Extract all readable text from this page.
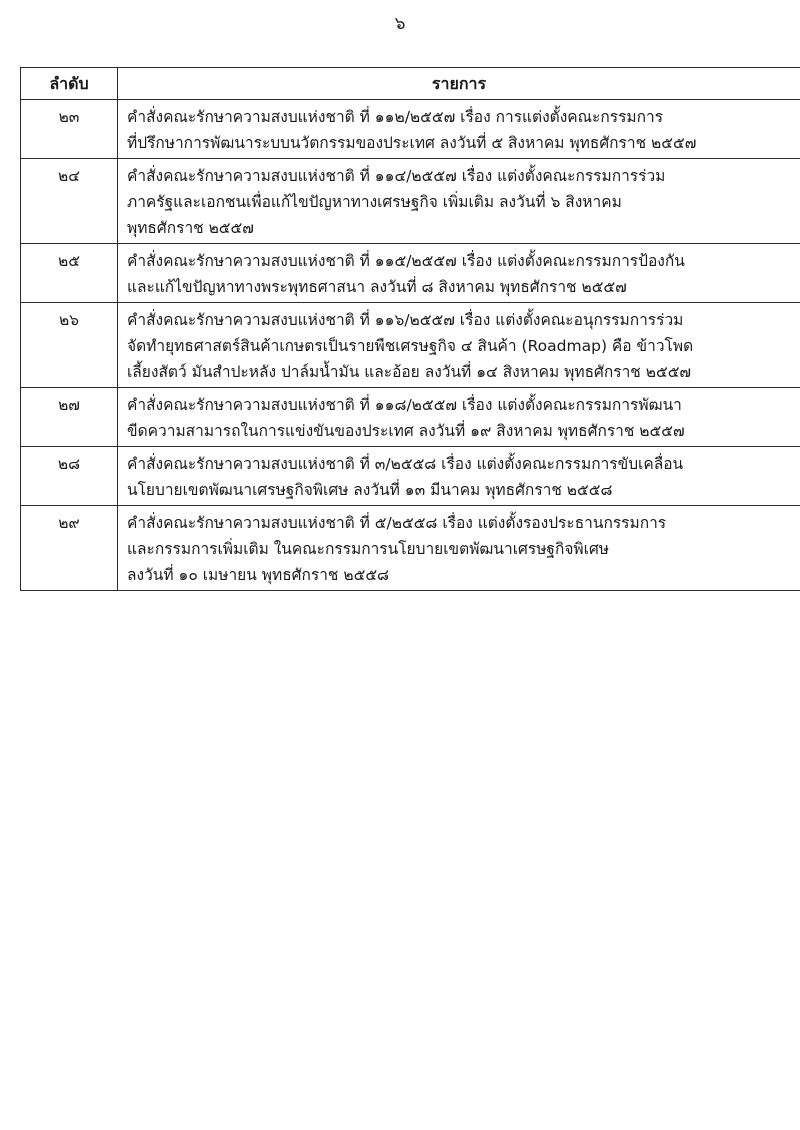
๖
ลำดับ	รายการ
๒๓	คำสั่งคณะรักษาความสงบแห่งชาติ ที่ ๑๑๒/๒๕๕๗ เรื่อง การแต่งตั้งคณะกรรมการ
ที่ปรึกษาการพัฒนาระบบนวัตกรรมของประเทศ ลงวันที่ ๕ สิงหาคม พุทธศักราช ๒๕๕๗

๒๔	คำสั่งคณะรักษาความสงบแห่งชาติ ที่ ๑๑๔/๒๕๕๗ เรื่อง แต่งตั้งคณะกรรมการร่วม
ภาครัฐและเอกชนเพื่อแก้ไขปัญหาทางเศรษฐกิจ เพิ่มเติม ลงวันที่ ๖ สิงหาคม
พุทธศักราช ๒๕๕๗

๒๕	คำสั่งคณะรักษาความสงบแห่งชาติ ที่ ๑๑๕/๒๕๕๗ เรื่อง แต่งตั้งคณะกรรมการป้องกัน
และแก้ไขปัญหาทางพระพุทธศาสนา ลงวันที่ ๘ สิงหาคม พุทธศักราช ๒๕๕๗

๒๖	คำสั่งคณะรักษาความสงบแห่งชาติ ที่ ๑๑๖/๒๕๕๗ เรื่อง แต่งตั้งคณะอนุกรรมการร่วม
จัดทำยุทธศาสตร์สินค้าเกษตรเป็นรายพืชเศรษฐกิจ ๔ สินค้า (Roadmap) คือ ข้าวโพด
เลี้ยงสัตว์ มันสำปะหลัง ปาล์มน้ำมัน และอ้อย ลงวันที่ ๑๔ สิงหาคม พุทธศักราช ๒๕๕๗

๒๗	คำสั่งคณะรักษาความสงบแห่งชาติ ที่ ๑๑๘/๒๕๕๗ เรื่อง แต่งตั้งคณะกรรมการพัฒนา
ขีดความสามารถในการแข่งขันของประเทศ ลงวันที่ ๑๙ สิงหาคม พุทธศักราช ๒๕๕๗

๒๘	คำสั่งคณะรักษาความสงบแห่งชาติ ที่ ๓/๒๕๕๘ เรื่อง แต่งตั้งคณะกรรมการขับเคลื่อน
นโยบายเขตพัฒนาเศรษฐกิจพิเศษ ลงวันที่ ๑๓ มีนาคม พุทธศักราช ๒๕๕๘

๒๙	คำสั่งคณะรักษาความสงบแห่งชาติ ที่ ๕/๒๕๕๘ เรื่อง แต่งตั้งรองประธานกรรมการ
และกรรมการเพิ่มเติม ในคณะกรรมการนโยบายเขตพัฒนาเศรษฐกิจพิเศษ
ลงวันที่ ๑๐ เมษายน พุทธศักราช ๒๕๕๘
